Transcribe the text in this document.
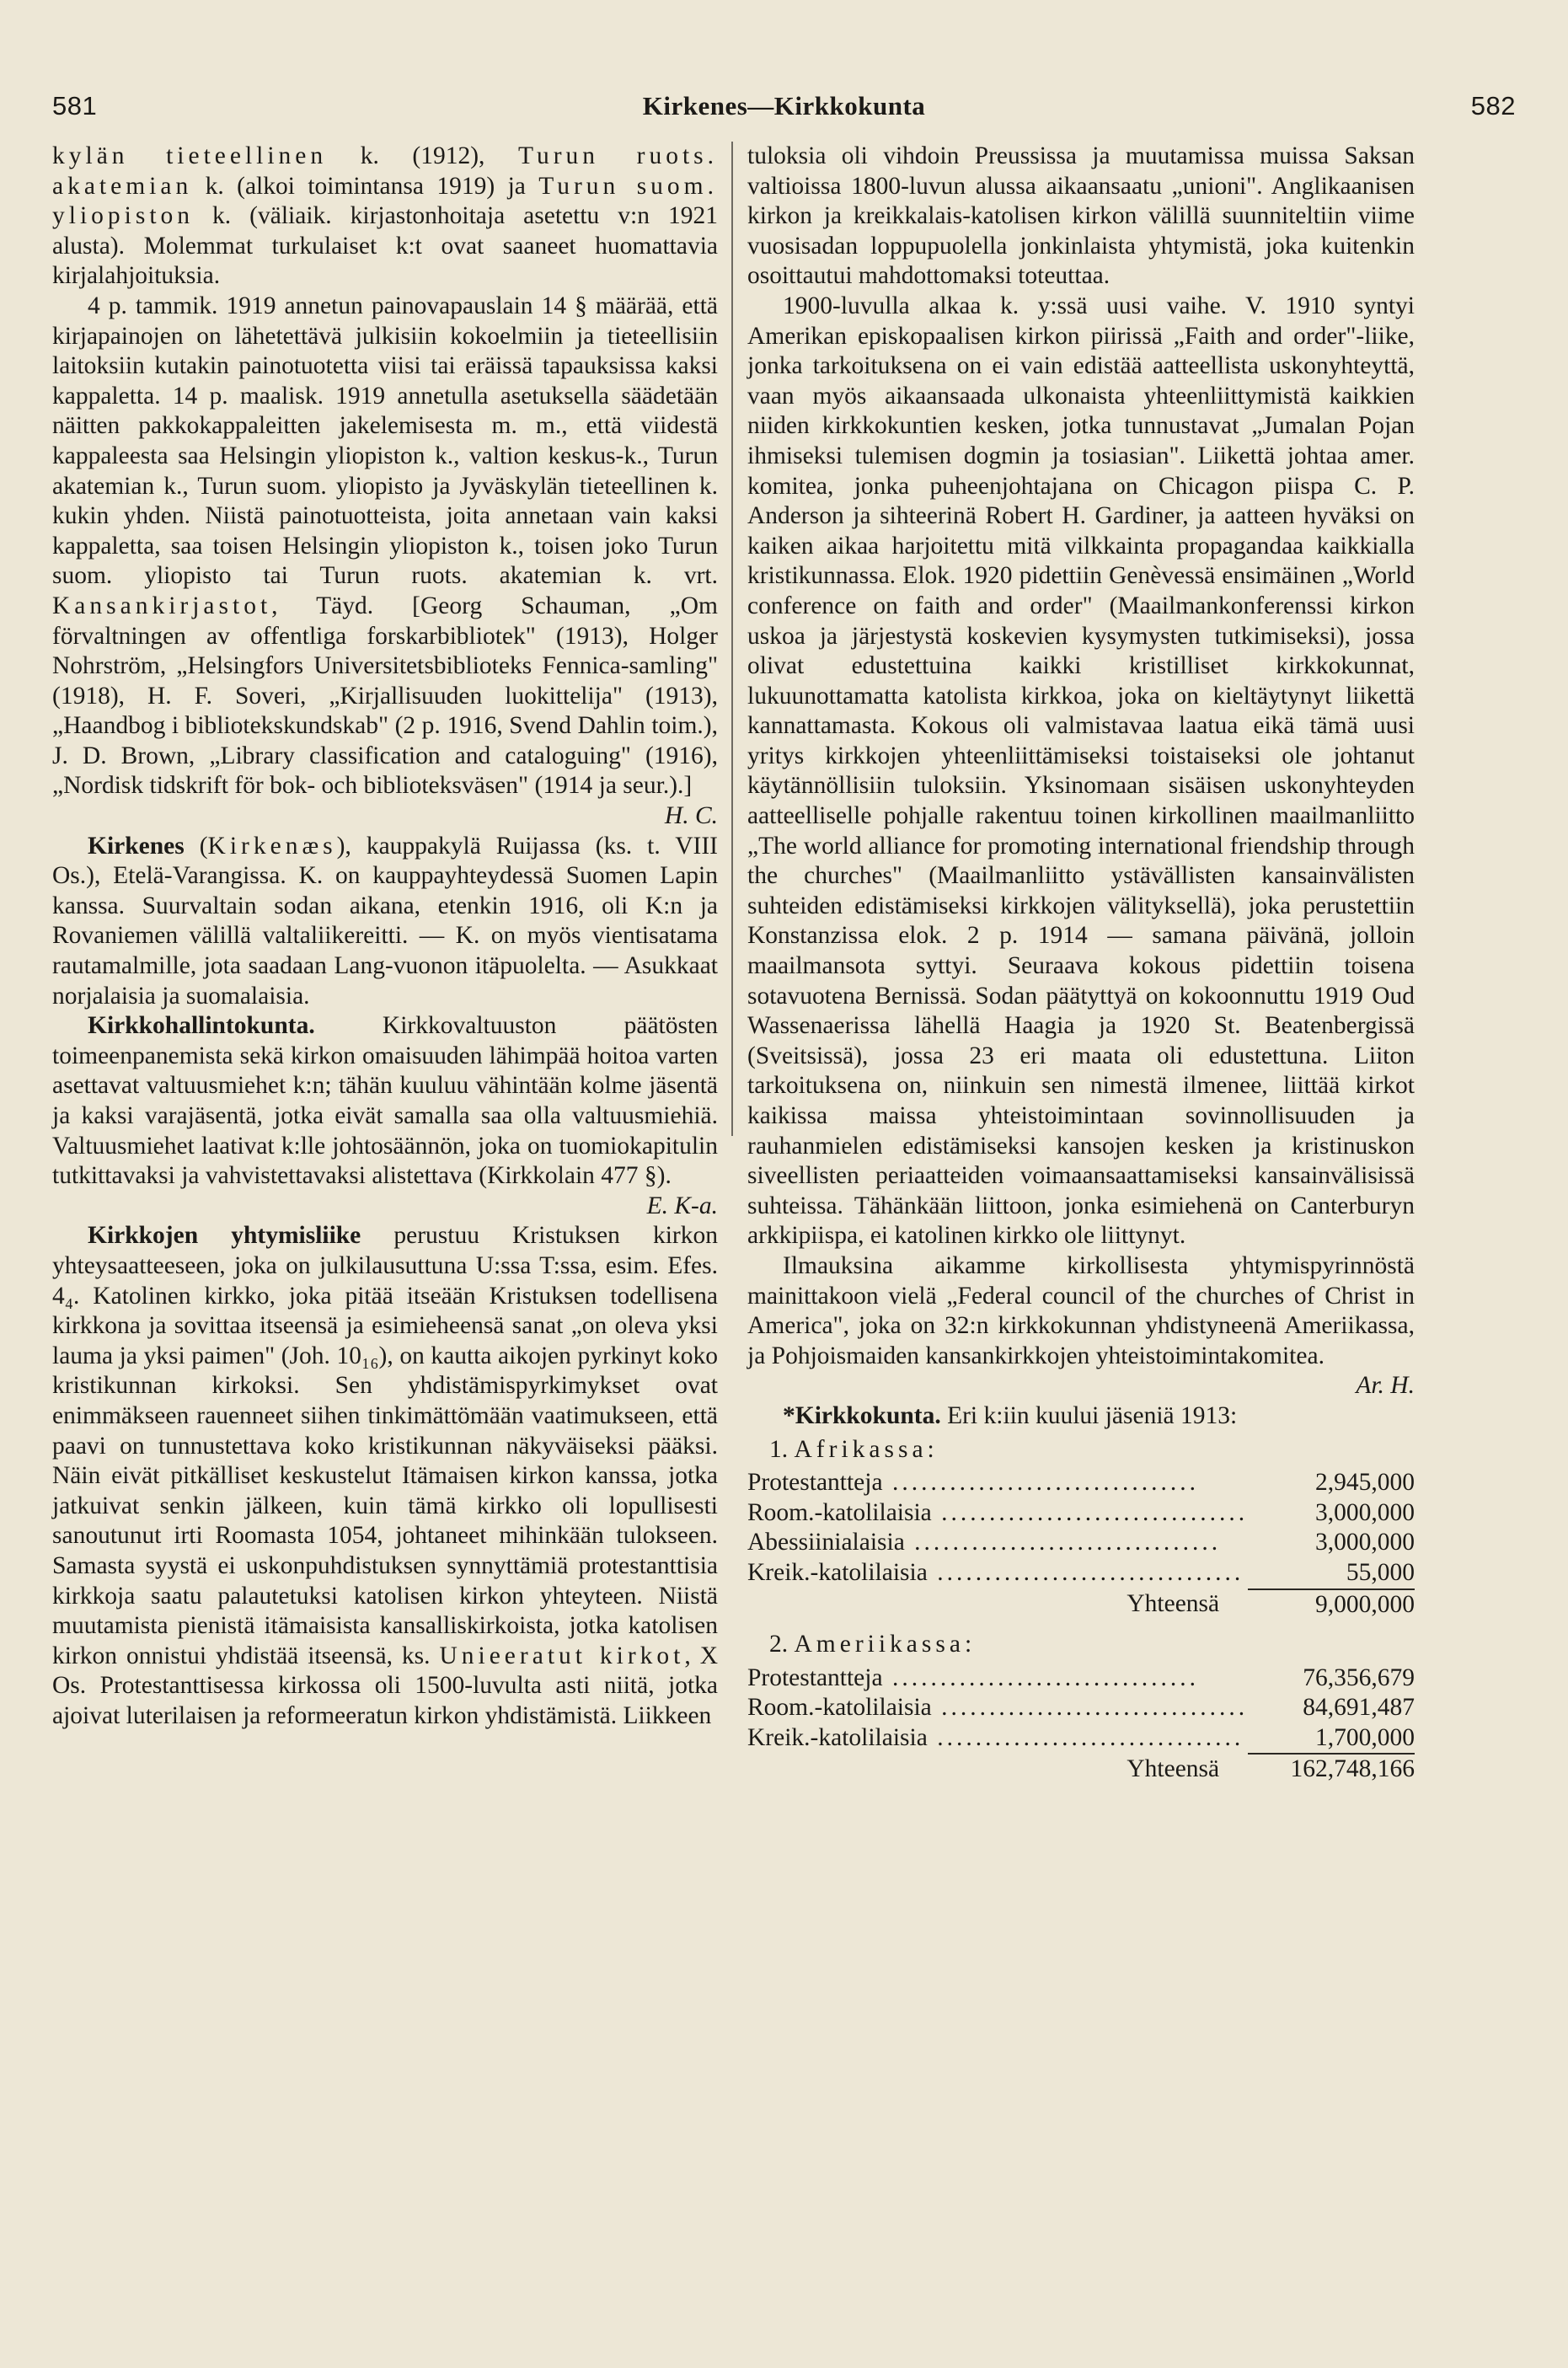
581	Kirkenes—Kirkkokunta	582

kylän tieteellinen k. (1912), Turun ruots. akatemian k. (alkoi toimintansa 1919) ja Turun suom. yliopiston k. (väliaik. kirjastonhoitaja asetettu v:n 1921 alusta). Molemmat turkulaiset k:t ovat saaneet huomattavia kirjalahjoituksia.

4 p. tammik. 1919 annetun painovapauslain 14 § määrää, että kirjapainojen on lähetettävä julkisiin kokoelmiin ja tieteellisiin laitoksiin kutakin painotuotetta viisi tai eräissä tapauksissa kaksi kappaletta. 14 p. maalisk. 1919 annetulla asetuksella säädetään näitten pakkokappaleitten jakelemisesta m. m., että viidestä kappaleesta saa Helsingin yliopiston k., valtion keskus-k., Turun akatemian k., Turun suom. yliopisto ja Jyväskylän tieteellinen k. kukin yhden. Niistä painotuotteista, joita annetaan vain kaksi kappaletta, saa toisen Helsingin yliopiston k., toisen joko Turun suom. yliopisto tai Turun ruots. akatemian k. vrt. Kansankirjastot, Täyd. [Georg Schauman, „Om förvaltningen av offentliga forskarbibliotek" (1913), Holger Nohrström, „Helsingfors Universitetsbiblioteks Fennica-samling" (1918), H. F. Soveri, „Kirjallisuuden luokittelija" (1913), „Haandbog i bibliotekskundskab" (2 p. 1916, Svend Dahlin toim.), J. D. Brown, „Library classification and cataloguing" (1916), „Nordisk tidskrift för bok- och biblioteksväsen" (1914 ja seur.).]

H. C.

Kirkenes (Kirkenæs), kauppakylä Ruijassa (ks. t. VIII Os.), Etelä-Varangissa. K. on kauppayhteydessä Suomen Lapin kanssa. Suurvaltain sodan aikana, etenkin 1916, oli K:n ja Rovaniemen välillä valtaliikereitti. — K. on myös vientisatama rautamalmille, jota saadaan Lang-vuonon itäpuolelta. — Asukkaat norjalaisia ja suomalaisia.

Kirkkohallintokunta. Kirkkovaltuuston päätösten toimeenpanemista sekä kirkon omaisuuden lähimpää hoitoa varten asettavat valtuusmiehet k:n; tähän kuuluu vähintään kolme jäsentä ja kaksi varajäsentä, jotka eivät samalla saa olla valtuusmiehiä. Valtuusmiehet laativat k:lle johtosäännön, joka on tuomiokapitulin tutkittavaksi ja vahvistettavaksi alistettava (Kirkkolain 477 §).

E. K-a.

Kirkkojen yhtymisliike perustuu Kristuksen kirkon yhteysaatteeseen, joka on julkilausuttuna U:ssa T:ssa, esim. Efes. 4₄. Katolinen kirkko, joka pitää itseään Kristuksen todellisena kirkkona ja sovittaa itseensä ja esimieheensä sanat „on oleva yksi lauma ja yksi paimen" (Joh. 10₁₆), on kautta aikojen pyrkinyt koko kristikunnan kirkoksi. Sen yhdistämispyrkimykset ovat enimmäkseen rauenneet siihen tinkimättömään vaatimukseen, että paavi on tunnustettava koko kristikunnan näkyväiseksi pääksi. Näin eivät pitkälliset keskustelut Itämaisen kirkon kanssa, jotka jatkuivat senkin jälkeen, kuin tämä kirkko oli lopullisesti sanoutunut irti Roomasta 1054, johtaneet mihinkään tulokseen. Samasta syystä ei uskonpuhdistuksen synnyttämiä protestanttisia kirkkoja saatu palautetuksi katolisen kirkon yhteyteen. Niistä muutamista pienistä itämaisista kansalliskirkoista, jotka katolisen kirkon onnistui yhdistää itseensä, ks. Unieeratut kirkot, X Os. Protestanttisessa kirkossa oli 1500-luvulta asti niitä, jotka ajoivat luterilaisen ja reformeeratun kirkon yhdistämistä. Liikkeen

tuloksia oli vihdoin Preussissa ja muutamissa muissa Saksan valtioissa 1800-luvun alussa aikaansaatu „unioni". Anglikaanisen kirkon ja kreikkalais-katolisen kirkon välillä suunniteltiin viime vuosisadan loppupuolella jonkinlaista yhtymistä, joka kuitenkin osoittautui mahdottomaksi toteuttaa.

1900-luvulla alkaa k. y:ssä uusi vaihe. V. 1910 syntyi Amerikan episkopaalisen kirkon piirissä „Faith and order"-liike, jonka tarkoituksena on ei vain edistää aatteellista uskonyhteyttä, vaan myös aikaansaada ulkonaista yhteenliittymistä kaikkien niiden kirkkokuntien kesken, jotka tunnustavat „Jumalan Pojan ihmiseksi tulemisen dogmin ja tosiasian". Liikettä johtaa amer. komitea, jonka puheenjohtajana on Chicagon piispa C. P. Anderson ja sihteerinä Robert H. Gardiner, ja aatteen hyväksi on kaiken aikaa harjoitettu mitä vilkkainta propagandaa kaikkialla kristikunnassa. Elok. 1920 pidettiin Genèvessä ensimäinen „World conference on faith and order" (Maailmankonferenssi kirkon uskoa ja järjestystä koskevien kysymysten tutkimiseksi), jossa olivat edustettuina kaikki kristilliset kirkkokunnat, lukuunottamatta katolista kirkkoa, joka on kieltäytynyt liikettä kannattamasta. Kokous oli valmistavaa laatua eikä tämä uusi yritys kirkkojen yhteenliittämiseksi toistaiseksi ole johtanut käytännöllisiin tuloksiin. Yksinomaan sisäisen uskonyhteyden aatteelliselle pohjalle rakentuu toinen kirkollinen maailmanliitto „The world alliance for promoting international friendship through the churches" (Maailmanliitto ystävällisten kansainvälisten suhteiden edistämiseksi kirkkojen välityksellä), joka perustettiin Konstanzissa elok. 2 p. 1914 — samana päivänä, jolloin maailmansota syttyi. Seuraava kokous pidettiin toisena sotavuotena Bernissä. Sodan päätyttyä on kokoonnuttu 1919 Oud Wassenaerissa lähellä Haagia ja 1920 St. Beatenbergissä (Sveitsissä), jossa 23 eri maata oli edustettuna. Liiton tarkoituksena on, niinkuin sen nimestä ilmenee, liittää kirkot kaikissa maissa yhteistoimintaan sovinnollisuuden ja rauhanmielen edistämiseksi kansojen kesken ja kristinuskon siveellisten periaatteiden voimaansaattamiseksi kansainvälisissä suhteissa. Tähänkään liittoon, jonka esimiehenä on Canterburyn arkkipiispa, ei katolinen kirkko ole liittynyt.

Ilmauksina aikamme kirkollisesta yhtymispyrinnöstä mainittakoon vielä „Federal council of the churches of Christ in America", joka on 32:n kirkkokunnan yhdistyneenä Ameriikassa, ja Pohjoismaiden kansankirkkojen yhteistoimintakomitea.

Ar. H.

*Kirkkokunta. Eri k:iin kuului jäseniä 1913:

1. Afrikassa:
Protestantteja ................................	2,945,000
Room.-katolilaisia ................................	3,000,000
Abessiinialaisia ................................	3,000,000
Kreik.-katolilaisia ................................	55,000
Yhteensä	9,000,000
2. Ameriikassa:
Protestantteja ................................	76,356,679
Room.-katolilaisia ................................	84,691,487
Kreik.-katolilaisia ................................	1,700,000
Yhteensä	162,748,166
